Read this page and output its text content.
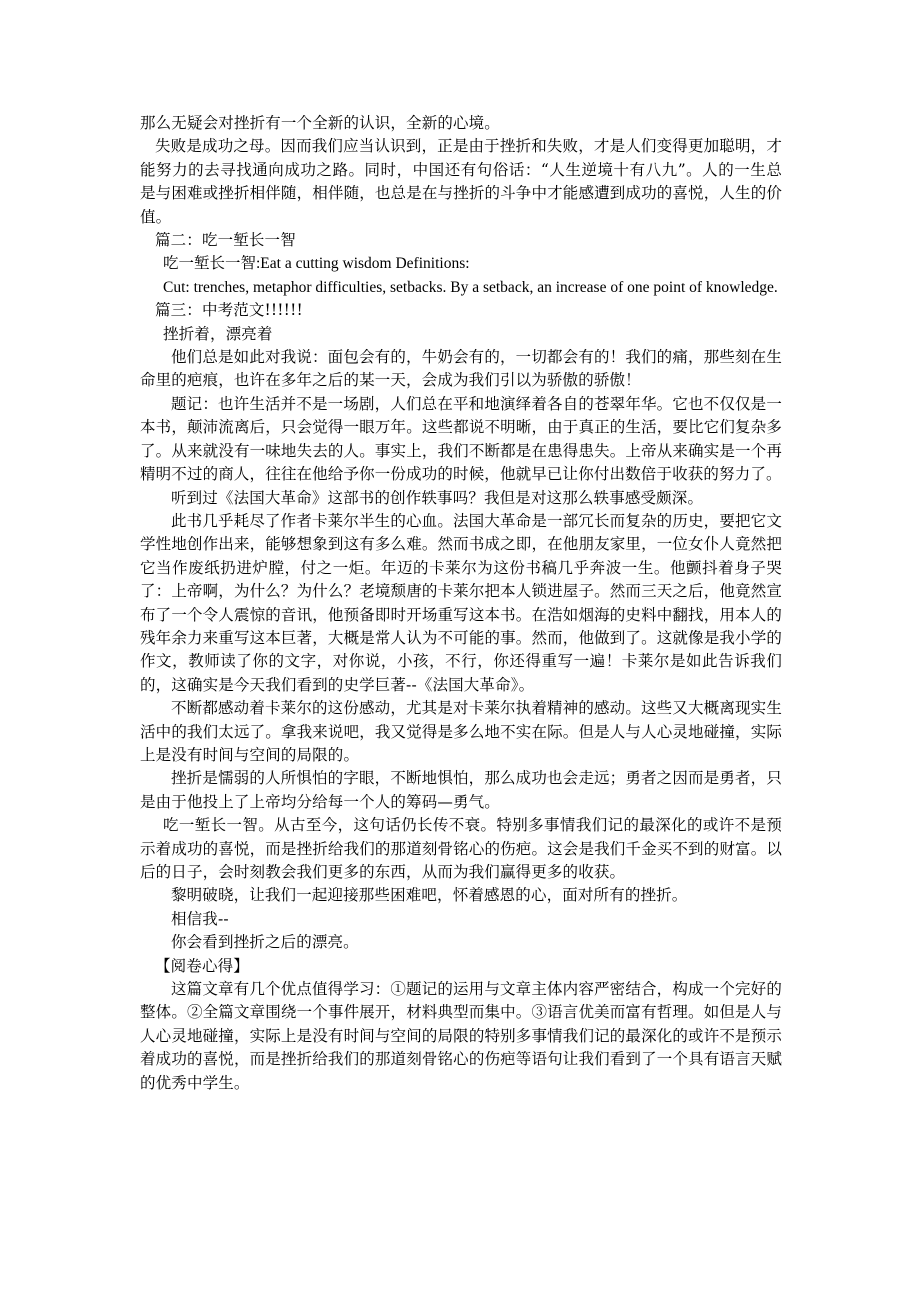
那么无疑会对挫折有一个全新的认识，全新的心境。

失败是成功之母。因而我们应当认识到，正是由于挫折和失败，才是人们变得更加聪明，才能努力的去寻找通向成功之路。同时，中国还有句俗话：“人生逆境十有八九”。人的一生总是与困难或挫折相伴随，相伴随，也总是在与挫折的斗争中才能感遭到成功的喜悦，人生的价值。

篇二：吃一堑长一智

吃一堑长一智:Eat a cutting wisdom Definitions:

Cut: trenches, metaphor difficulties, setbacks. By a setback, an increase of one point of knowledge.

篇三：中考范文!!!!!!

挫折着，漂亮着

他们总是如此对我说：面包会有的，牛奶会有的，一切都会有的！我们的痛，那些刻在生命里的疤痕，也许在多年之后的某一天，会成为我们引以为骄傲的骄傲！

题记：也许生活并不是一场剧，人们总在平和地演绎着各自的苍翠年华。它也不仅仅是一本书，颠沛流离后，只会觉得一眼万年。这些都说不明晰，由于真正的生活，要比它们复杂多了。从来就没有一味地失去的人。事实上，我们不断都是在患得患失。上帝从来确实是一个再精明不过的商人，往往在他给予你一份成功的时候，他就早已让你付出数倍于收获的努力了。

听到过《法国大革命》这部书的创作轶事吗？我但是对这那么轶事感受颇深。

此书几乎耗尽了作者卡莱尔半生的心血。法国大革命是一部冗长而复杂的历史，要把它文学性地创作出来，能够想象到这有多么难。然而书成之即，在他朋友家里，一位女仆人竟然把它当作废纸扔进炉膛，付之一炬。年迈的卡莱尔为这份书稿几乎奔波一生。他颤抖着身子哭了：上帝啊，为什么？为什么？老境颓唐的卡莱尔把本人锁进屋子。然而三天之后，他竟然宣布了一个令人震惊的音讯，他预备即时开场重写这本书。在浩如烟海的史料中翻找，用本人的残年余力来重写这本巨著，大概是常人认为不可能的事。然而，他做到了。这就像是我小学的作文，教师读了你的文字，对你说，小孩，不行，你还得重写一遍！卡莱尔是如此告诉我们的，这确实是今天我们看到的史学巨著--《法国大革命》。

不断都感动着卡莱尔的这份感动，尤其是对卡莱尔执着精神的感动。这些又大概离现实生活中的我们太远了。拿我来说吧，我又觉得是多么地不实在际。但是人与人心灵地碰撞，实际上是没有时间与空间的局限的。

挫折是懦弱的人所惧怕的字眼，不断地惧怕，那么成功也会走远；勇者之因而是勇者，只是由于他投上了上帝均分给每一个人的筹码—勇气。

吃一堑长一智。从古至今，这句话仍长传不衰。特别多事情我们记的最深化的或许不是预示着成功的喜悦，而是挫折给我们的那道刻骨铭心的伤疤。这会是我们千金买不到的财富。以后的日子，会时刻教会我们更多的东西，从而为我们赢得更多的收获。

黎明破晓，让我们一起迎接那些困难吧，怀着感恩的心，面对所有的挫折。

相信我--

你会看到挫折之后的漂亮。

【阅卷心得】

这篇文章有几个优点值得学习：①题记的运用与文章主体内容严密结合，构成一个完好的整体。②全篇文章围绕一个事件展开，材料典型而集中。③语言优美而富有哲理。如但是人与人心灵地碰撞，实际上是没有时间与空间的局限的特别多事情我们记的最深化的或许不是预示着成功的喜悦，而是挫折给我们的那道刻骨铭心的伤疤等语句让我们看到了一个具有语言天赋的优秀中学生。
